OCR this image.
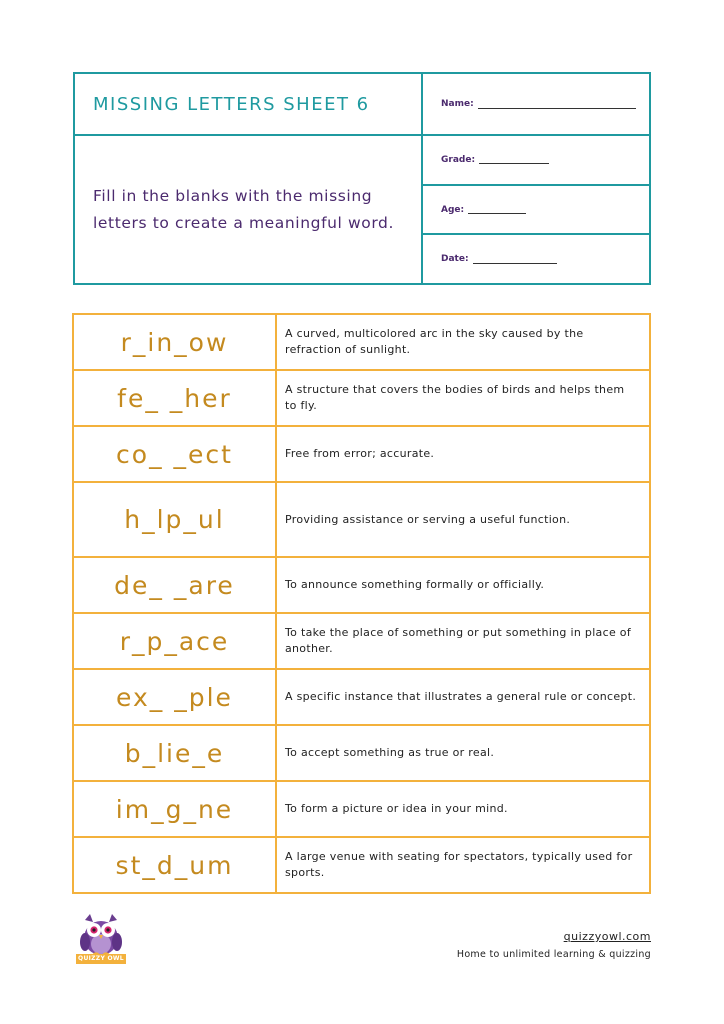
MISSING LETTERS SHEET 6	Name:

Fill in the blanks with the missing letters to create a meaningful word.

Grade:
Age:
Date:
r_in_ow	A curved, multicolored arc in the sky caused by the refraction of sunlight.
fe_ _her	A structure that covers the bodies of birds and helps them to fly.
co_ _ect	Free from error; accurate.
h_lp_ul	Providing assistance or serving a useful function.
de_ _are	To announce something formally or officially.
r_p_ace	To take the place of something or put something in place of another.
ex_ _ple	A specific instance that illustrates a general rule or concept.
b_lie_e	To accept something as true or real.
im_g_ne	To form a picture or idea in your mind.
st_d_um	A large venue with seating for spectators, typically used for sports.
QUIZZY OWL
quizzyowl.com
Home to unlimited learning & quizzing
